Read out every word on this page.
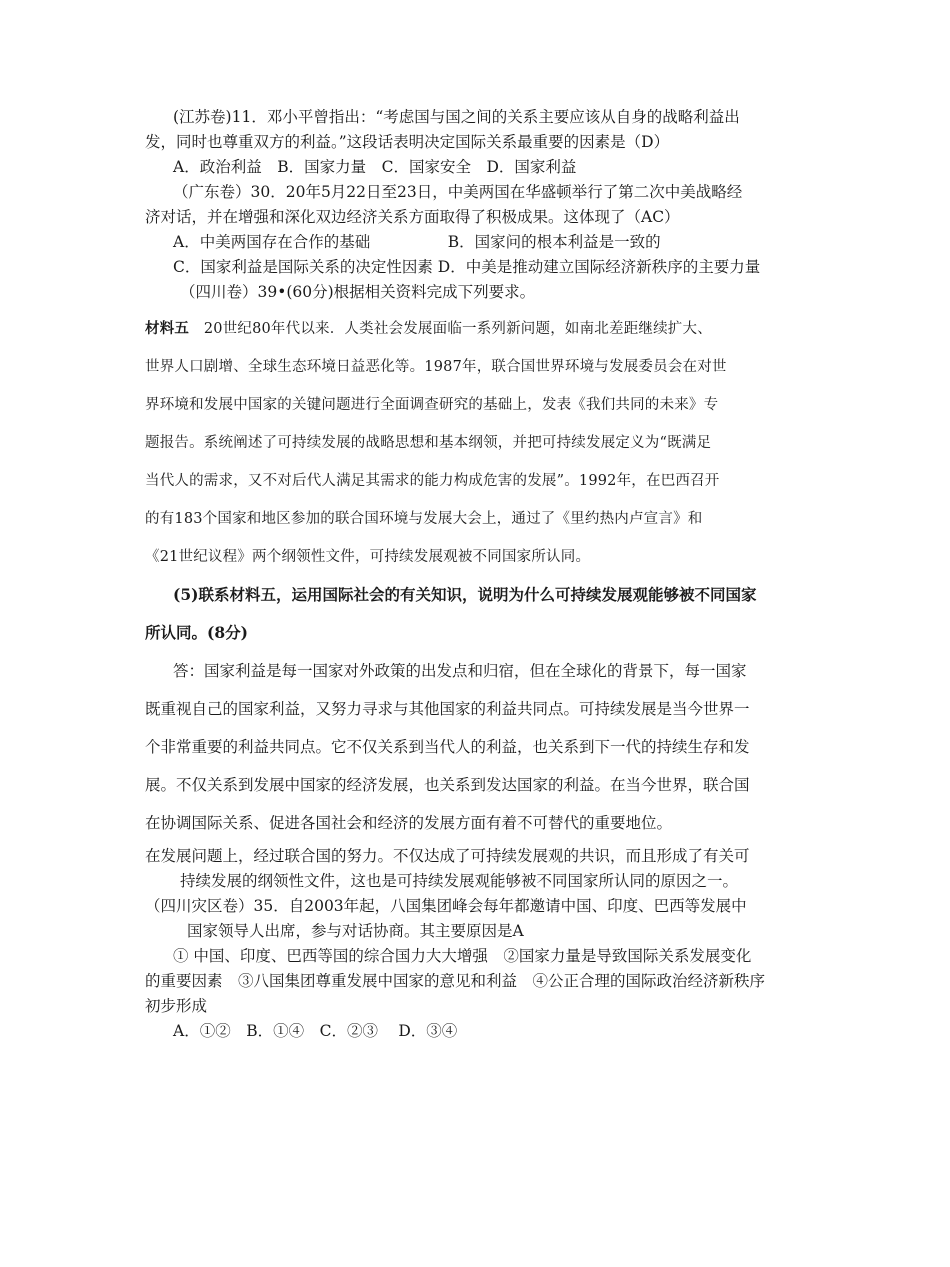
(江苏卷)11．邓小平曾指出：“考虑国与国之间的关系主要应该从自身的战略利益出
发，同时也尊重双方的利益。”这段话表明决定国际关系最重要的因素是（D）
A．政治利益　B．国家力量　C．国家安全　D．国家利益
（广东卷）30．20年5月22日至23日，中美两国在华盛顿举行了第二次中美战略经
济对话，并在增强和深化双边经济关系方面取得了积极成果。这体现了（AC）
A．中美两国存在合作的基础　　　　　B．国家问的根本利益是一致的
C．国家利益是国际关系的决定性因素 D．中美是推动建立国际经济新秩序的主要力量
（四川卷）39•(60分)根据相关资料完成下列要求。
材料五　 20世纪80年代以来．人类社会发展面临一系列新问题，如南北差距继续扩大、
世界人口剧增、全球生态环境日益恶化等。1987年，联合国世界环境与发展委员会在对世
界环境和发展中国家的关键问题进行全面调查研究的基础上，发表《我们共同的未来》专
题报告。系统阐述了可持续发展的战略思想和基本纲领，并把可持续发展定义为“既满足
当代人的需求，又不对后代人满足其需求的能力构成危害的发展”。1992年，在巴西召开
的有183个国家和地区参加的联合国环境与发展大会上，通过了《里约热内卢宣言》和
《21世纪议程》两个纲领性文件，可持续发展观被不同国家所认同。
(5)联系材料五，运用国际社会的有关知识，说明为什么可持续发展观能够被不同国家
所认同。(8分)
答：国家利益是每一国家对外政策的出发点和归宿，但在全球化的背景下，每一国家
既重视自己的国家利益，又努力寻求与其他国家的利益共同点。可持续发展是当今世界一
个非常重要的利益共同点。它不仅关系到当代人的利益，也关系到下一代的持续生存和发
展。不仅关系到发展中国家的经济发展，也关系到发达国家的利益。在当今世界，联合国
在协调国际关系、促进各国社会和经济的发展方面有着不可替代的重要地位。
在发展问题上，经过联合国的努力。不仅达成了可持续发展观的共识，而且形成了有关可
持续发展的纲领性文件，这也是可持续发展观能够被不同国家所认同的原因之一。
（四川灾区卷）35．自2003年起，八国集团峰会每年都邀请中国、印度、巴西等发展中
国家领导人出席，参与对话协商。其主要原因是A
① 中国、印度、巴西等国的综合国力大大增强　②国家力量是导致国际关系发展变化
的重要因素　③八国集团尊重发展中国家的意见和利益　④公正合理的国际政治经济新秩序
初步形成
A．①②　B．①④　C．②③　 D．③④
